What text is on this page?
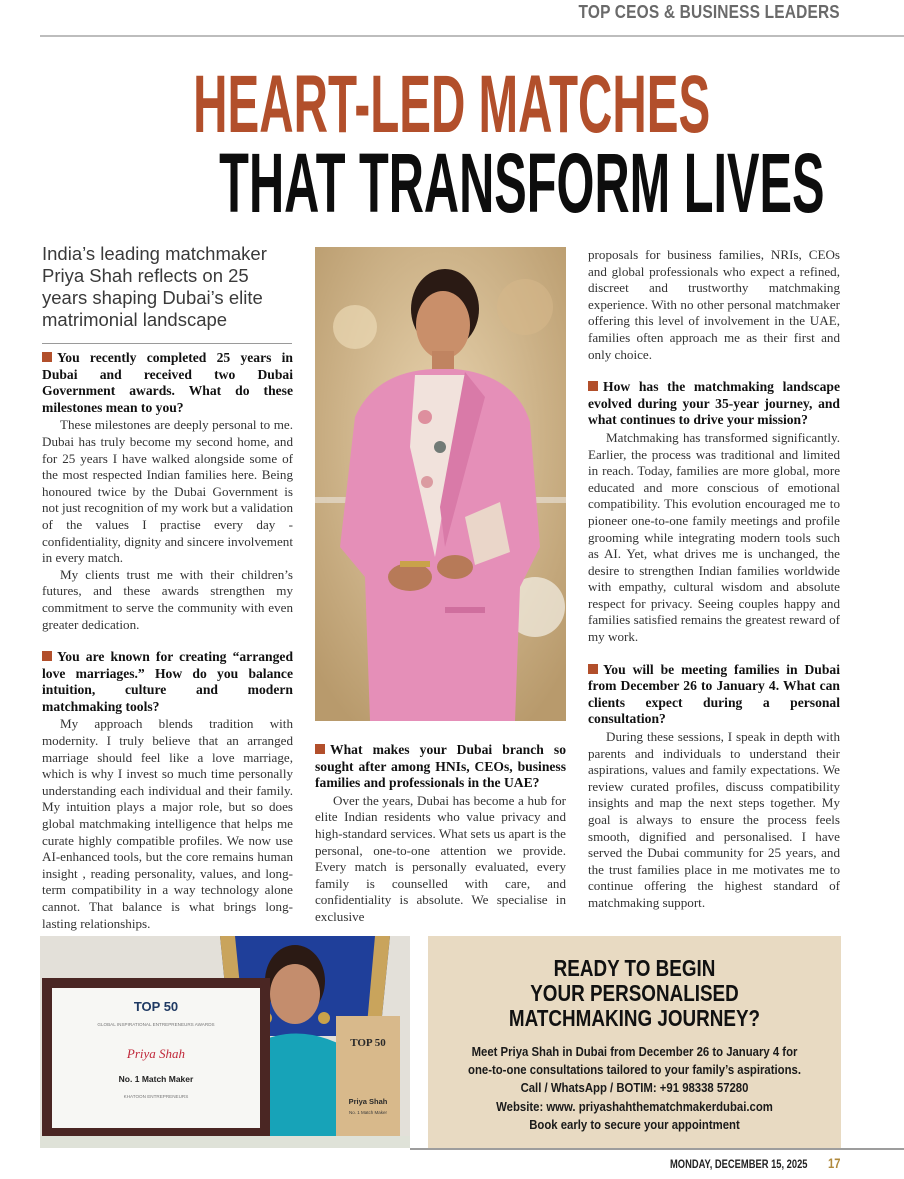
TOP CEOS & BUSINESS LEADERS
HEART-LED MATCHES
THAT TRANSFORM LIVES
India’s leading matchmaker Priya Shah reflects on 25 years shaping Dubai’s elite matrimonial landscape
You recently completed 25 years in Dubai and received two Dubai Government awards. What do these milestones mean to you?

These milestones are deeply personal to me. Dubai has truly become my second home, and for 25 years I have walked alongside some of the most respected Indian families here. Being honoured twice by the Dubai Government is not just recognition of my work but a validation of the values I practise every day - confidentiality, dignity and sincere involvement in every match.

My clients trust me with their children’s futures, and these awards strengthen my commitment to serve the community with even greater dedication.

You are known for creating “arranged love marriages.” How do you balance intuition, culture and modern matchmaking tools?

My approach blends tradition with modernity. I truly believe that an arranged marriage should feel like a love marriage, which is why I invest so much time personally understanding each individual and their family. My intuition plays a major role, but so does global matchmaking intelligence that helps me curate highly compatible profiles. We now use AI-enhanced tools, but the core remains human insight , reading personality, values, and long-term compatibility in a way technology alone cannot. That balance is what brings long-lasting relationships.

What makes your Dubai branch so sought after among HNIs, CEOs, business families and professionals in the UAE?

Over the years, Dubai has become a hub for elite Indian residents who value privacy and high-standard services. What sets us apart is the personal, one-to-one attention we provide. Every match is personally evaluated, every family is counselled with care, and confidentiality is absolute. We specialise in exclusive

proposals for business families, NRIs, CEOs and global professionals who expect a refined, discreet and trustworthy matchmaking experience. With no other personal matchmaker offering this level of involvement in the UAE, families often approach me as their first and only choice.

How has the matchmaking landscape evolved during your 35-year journey, and what continues to drive your mission?

Matchmaking has transformed significantly. Earlier, the process was traditional and limited in reach. Today, families are more global, more educated and more conscious of emotional compatibility. This evolution encouraged me to pioneer one-to-one family meetings and profile grooming while integrating modern tools such as AI. Yet, what drives me is unchanged, the desire to strengthen Indian families worldwide with empathy, cultural wisdom and absolute respect for privacy. Seeing couples happy and families satisfied remains the greatest reward of my work.

You will be meeting families in Dubai from December 26 to January 4. What can clients expect during a personal consultation?

During these sessions, I speak in depth with parents and individuals to understand their aspirations, values and family expectations. We review curated profiles, discuss compatibility insights and map the next steps together. My goal is always to ensure the process feels smooth, dignified and personalised. I have served the Dubai community for 25 years, and the trust families place in me motivates me to continue offering the highest standard of matchmaking support.

TOP 50
GLOBAL INSPIRATIONAL ENTREPRENEURS AWARDS
Priya Shah
No. 1 Match Maker
KHATOON ENTREPRENEURS
TOP 50
Priya Shah
No. 1 Match Maker
READY TO BEGIN
YOUR PERSONALISED
MATCHMAKING JOURNEY?
Meet Priya Shah in Dubai from December 26 to January 4 for
one-to-one consultations tailored to your family’s aspirations.
Call / WhatsApp / BOTIM: +91 98338 57280
Website: www. priyashahthematchmakerdubai.com
Book early to secure your appointment
MONDAY, DECEMBER 15, 2025 17
